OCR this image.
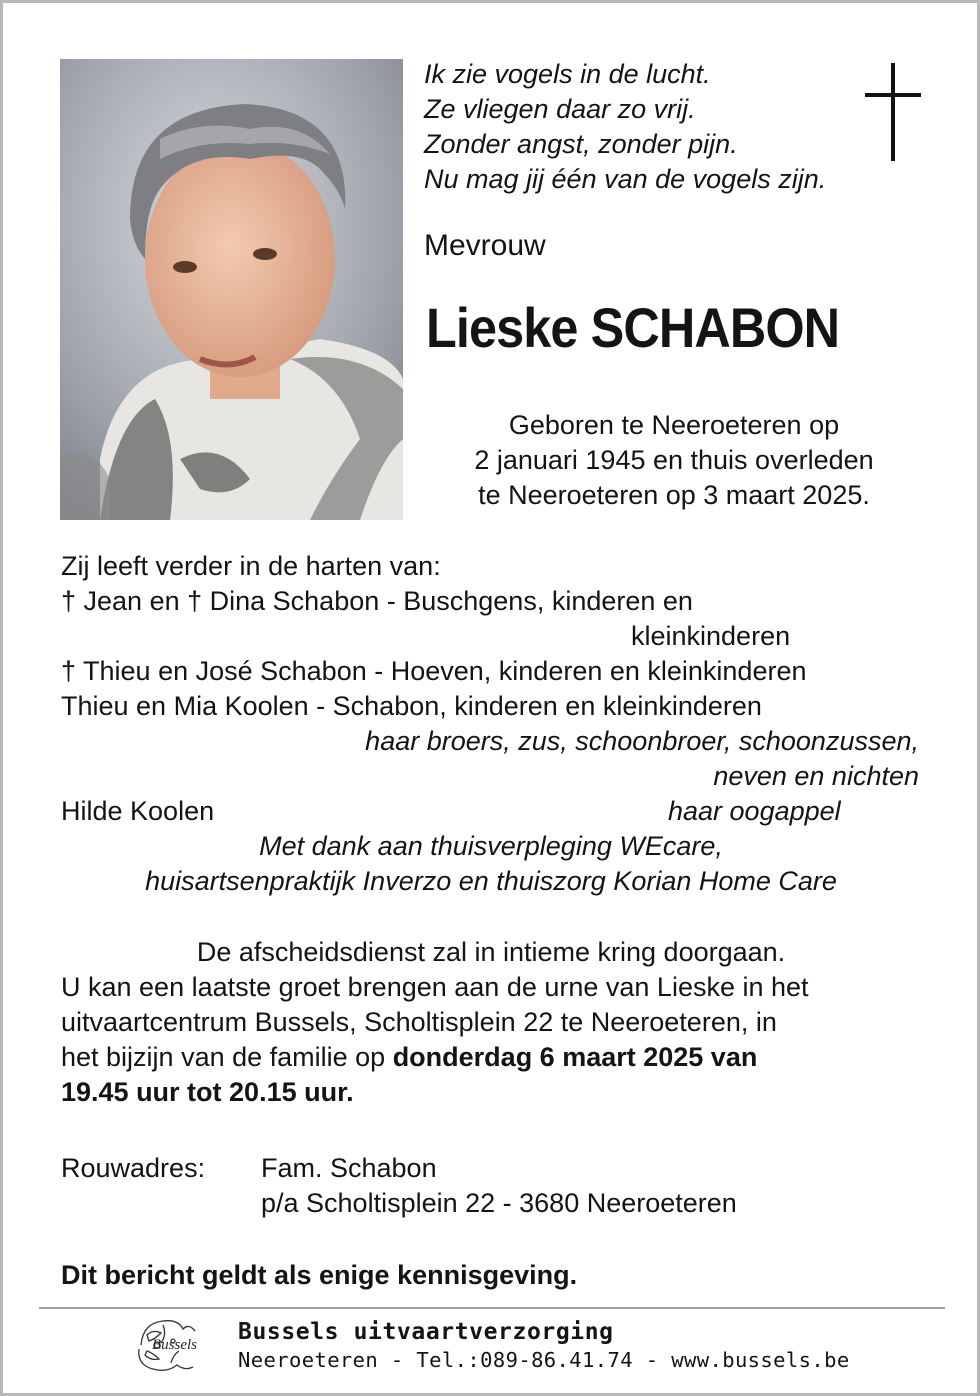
Ik zie vogels in de lucht.
Ze vliegen daar zo vrij.
Zonder angst, zonder pijn.
Nu mag jij één van de vogels zijn.
Mevrouw
Lieske SCHABON
Geboren te Neeroeteren op
2 januari 1945 en thuis overleden
te Neeroeteren op 3 maart 2025.
Zij leeft verder in de harten van:
† Jean en † Dina Schabon - Buschgens, kinderen en
kleinkinderen
† Thieu en José Schabon - Hoeven, kinderen en kleinkinderen
Thieu en Mia Koolen - Schabon, kinderen en kleinkinderen
haar broers, zus, schoonbroer, schoonzussen,
neven en nichten
Hilde Koolen	haar oogappel
Met dank aan thuisverpleging WEcare,
huisartsenpraktijk Inverzo en thuiszorg Korian Home Care
De afscheidsdienst zal in intieme kring doorgaan.
U kan een laatste groet brengen aan de urne van Lieske in het
uitvaartcentrum Bussels, Scholtisplein 22 te Neeroeteren, in
het bijzijn van de familie op donderdag 6 maart 2025 van
19.45 uur tot 20.15 uur.
Rouwadres: Fam. Schabon
p/a Scholtisplein 22 - 3680 Neeroeteren
Dit bericht geldt als enige kennisgeving.
Bussels Bussels uitvaartverzorging
Neeroeteren - Tel.:089-86.41.74 - www.bussels.be
